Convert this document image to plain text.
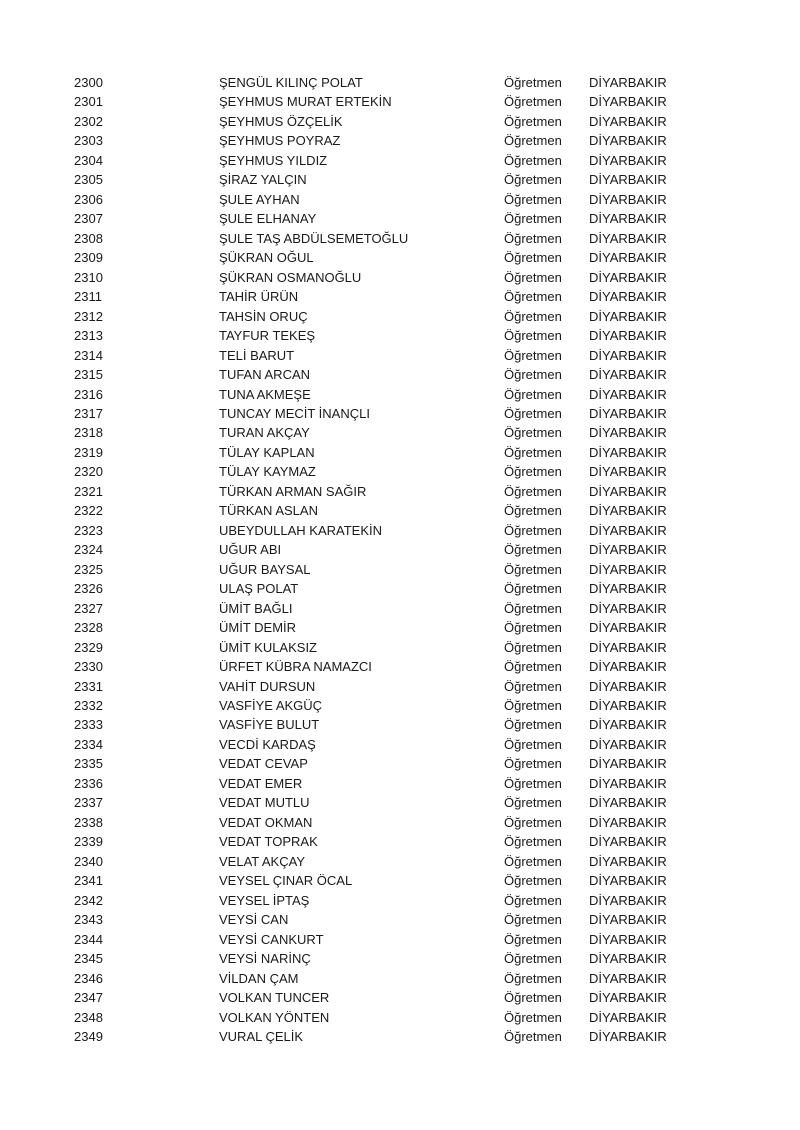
2300	ŞENGÜL KILINÇ POLAT	Öğretmen DİYARBAKIR
2301	ŞEYHMUS MURAT ERTEKİN	Öğretmen DİYARBAKIR
2302	ŞEYHMUS ÖZÇELİK	Öğretmen DİYARBAKIR
2303	ŞEYHMUS POYRAZ	Öğretmen DİYARBAKIR
2304	ŞEYHMUS YILDIZ	Öğretmen DİYARBAKIR
2305	ŞİRAZ YALÇIN	Öğretmen DİYARBAKIR
2306	ŞULE AYHAN	Öğretmen DİYARBAKIR
2307	ŞULE ELHANAY	Öğretmen DİYARBAKIR
2308	ŞULE TAŞ ABDÜLSEMETOĞLU	Öğretmen DİYARBAKIR
2309	ŞÜKRAN OĞUL	Öğretmen DİYARBAKIR
2310	ŞÜKRAN OSMANOĞLU	Öğretmen DİYARBAKIR
2311	TAHİR ÜRÜN	Öğretmen DİYARBAKIR
2312	TAHSİN ORUÇ	Öğretmen DİYARBAKIR
2313	TAYFUR TEKEŞ	Öğretmen DİYARBAKIR
2314	TELİ BARUT	Öğretmen DİYARBAKIR
2315	TUFAN ARCAN	Öğretmen DİYARBAKIR
2316	TUNA AKMEŞE	Öğretmen DİYARBAKIR
2317	TUNCAY MECİT İNANÇLI	Öğretmen DİYARBAKIR
2318	TURAN AKÇAY	Öğretmen DİYARBAKIR
2319	TÜLAY KAPLAN	Öğretmen DİYARBAKIR
2320	TÜLAY KAYMAZ	Öğretmen DİYARBAKIR
2321	TÜRKAN ARMAN SAĞIR	Öğretmen DİYARBAKIR
2322	TÜRKAN ASLAN	Öğretmen DİYARBAKIR
2323	UBEYDULLAH KARATEKİN	Öğretmen DİYARBAKIR
2324	UĞUR ABI	Öğretmen DİYARBAKIR
2325	UĞUR BAYSAL	Öğretmen DİYARBAKIR
2326	ULAŞ POLAT	Öğretmen DİYARBAKIR
2327	ÜMİT BAĞLI	Öğretmen DİYARBAKIR
2328	ÜMİT DEMİR	Öğretmen DİYARBAKIR
2329	ÜMİT KULAKSIZ	Öğretmen DİYARBAKIR
2330	ÜRFET KÜBRA NAMAZCI	Öğretmen DİYARBAKIR
2331	VAHİT DURSUN	Öğretmen DİYARBAKIR
2332	VASFİYE AKGÜÇ	Öğretmen DİYARBAKIR
2333	VASFİYE BULUT	Öğretmen DİYARBAKIR
2334	VECDİ KARDAŞ	Öğretmen DİYARBAKIR
2335	VEDAT CEVAP	Öğretmen DİYARBAKIR
2336	VEDAT EMER	Öğretmen DİYARBAKIR
2337	VEDAT MUTLU	Öğretmen DİYARBAKIR
2338	VEDAT OKMAN	Öğretmen DİYARBAKIR
2339	VEDAT TOPRAK	Öğretmen DİYARBAKIR
2340	VELAT AKÇAY	Öğretmen DİYARBAKIR
2341	VEYSEL ÇINAR ÖCAL	Öğretmen DİYARBAKIR
2342	VEYSEL İPTAŞ	Öğretmen DİYARBAKIR
2343	VEYSİ CAN	Öğretmen DİYARBAKIR
2344	VEYSİ CANKURT	Öğretmen DİYARBAKIR
2345	VEYSİ NARİNÇ	Öğretmen DİYARBAKIR
2346	VİLDAN ÇAM	Öğretmen DİYARBAKIR
2347	VOLKAN TUNCER	Öğretmen DİYARBAKIR
2348	VOLKAN YÖNTEN	Öğretmen DİYARBAKIR
2349	VURAL ÇELİK	Öğretmen DİYARBAKIR
